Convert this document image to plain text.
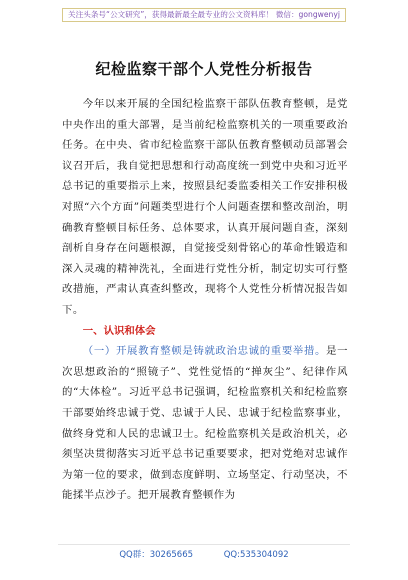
关注头条号“公文研究”，获得最新最全最专业的公文资料库！ 微信：gongwenyj
纪检监察干部个人党性分析报告

今年以来开展的全国纪检监察干部队伍教育整顿，是党中央作出的重大部署，是当前纪检监察机关的一项重要政治任务。在中央、省市纪检监察干部队伍教育整顿动员部署会议召开后，我自觉把思想和行动高度统一到党中央和习近平总书记的重要指示上来，按照县纪委监委相关工作安排积极对照“六个方面”问题类型进行个人问题查摆和整改剖治，明确教育整顿目标任务、总体要求，认真开展问题自查，深刻剖析自身存在问题根源，自觉接受刻骨铭心的革命性锻造和深入灵魂的精神洗礼，全面进行党性分析，制定切实可行整改措施，严肃认真查纠整改，现将个人党性分析情况报告如下。

一、认识和体会

（一）开展教育整顿是铸就政治忠诚的重要举措。是一次思想政治的“照镜子”、党性觉悟的“掸灰尘”、纪律作风的“大体检”。习近平总书记强调，纪检监察机关和纪检监察干部要始终忠诚于党、忠诚于人民、忠诚于纪检监察事业，做终身党和人民的忠诚卫士。纪检监察机关是政治机关，必须坚决贯彻落实习近平总书记重要要求，把对党绝对忠诚作为第一位的要求，做到态度鲜明、立场坚定、行动坚决，不能揉半点沙子。把开展教育整顿作为

QQ群：30265665	QQ:535304092
